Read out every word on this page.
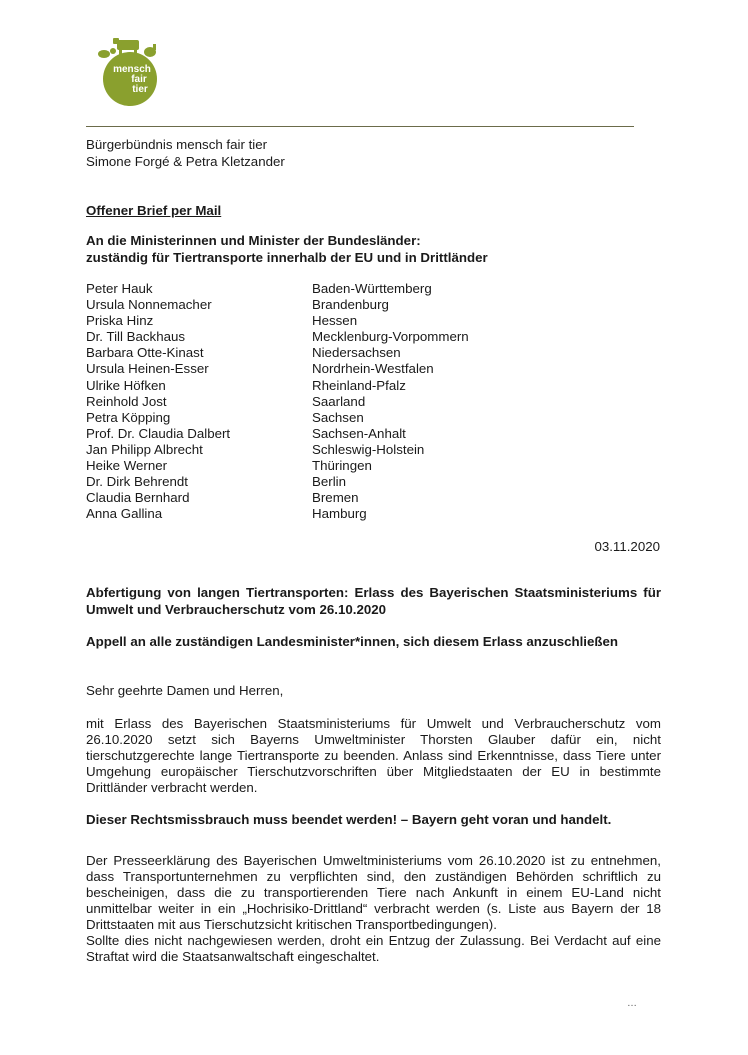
mensch
fair
tier
Bürgerbündnis mensch fair tier
Simone Forgé & Petra Kletzander
Offener Brief per Mail
An die Ministerinnen und Minister der Bundesländer:
zuständig für Tiertransporte innerhalb der EU und in Drittländer
Peter Hauk	Baden-Württemberg
Ursula Nonnemacher	Brandenburg
Priska Hinz	Hessen
Dr. Till Backhaus	Mecklenburg-Vorpommern
Barbara Otte-Kinast	Niedersachsen
Ursula Heinen-Esser	Nordrhein-Westfalen
Ulrike Höfken	Rheinland-Pfalz
Reinhold Jost	Saarland
Petra Köpping	Sachsen
Prof. Dr. Claudia Dalbert	Sachsen-Anhalt
Jan Philipp Albrecht	Schleswig-Holstein
Heike Werner	Thüringen
Dr. Dirk Behrendt	Berlin
Claudia Bernhard	Bremen
Anna Gallina	Hamburg
03.11.2020
Abfertigung von langen Tiertransporten: Erlass des Bayerischen Staatsministeriums für Umwelt und Verbraucherschutz vom 26.10.2020
Appell an alle zuständigen Landesminister*innen, sich diesem Erlass anzuschließen
Sehr geehrte Damen und Herren,
mit Erlass des Bayerischen Staatsministeriums für Umwelt und Verbraucherschutz vom 26.10.2020 setzt sich Bayerns Umweltminister Thorsten Glauber dafür ein, nicht tierschutzgerechte lange Tiertransporte zu beenden. Anlass sind Erkenntnisse, dass Tiere unter Umgehung europäischer Tierschutzvorschriften über Mitgliedstaaten der EU in bestimmte Drittländer verbracht werden.
Dieser Rechtsmissbrauch muss beendet werden! – Bayern geht voran und handelt.
Der Presseerklärung des Bayerischen Umweltministeriums vom 26.10.2020 ist zu entnehmen, dass Transportunternehmen zu verpflichten sind, den zuständigen Behörden schriftlich zu bescheinigen, dass die zu transportierenden Tiere nach Ankunft in einem EU-Land nicht unmittelbar weiter in ein „Hochrisiko-Drittland“ verbracht werden (s. Liste aus Bayern der 18 Drittstaaten mit aus Tierschutzsicht kritischen Transportbedingungen).
Sollte dies nicht nachgewiesen werden, droht ein Entzug der Zulassung. Bei Verdacht auf eine Straftat wird die Staatsanwaltschaft eingeschaltet.
…
